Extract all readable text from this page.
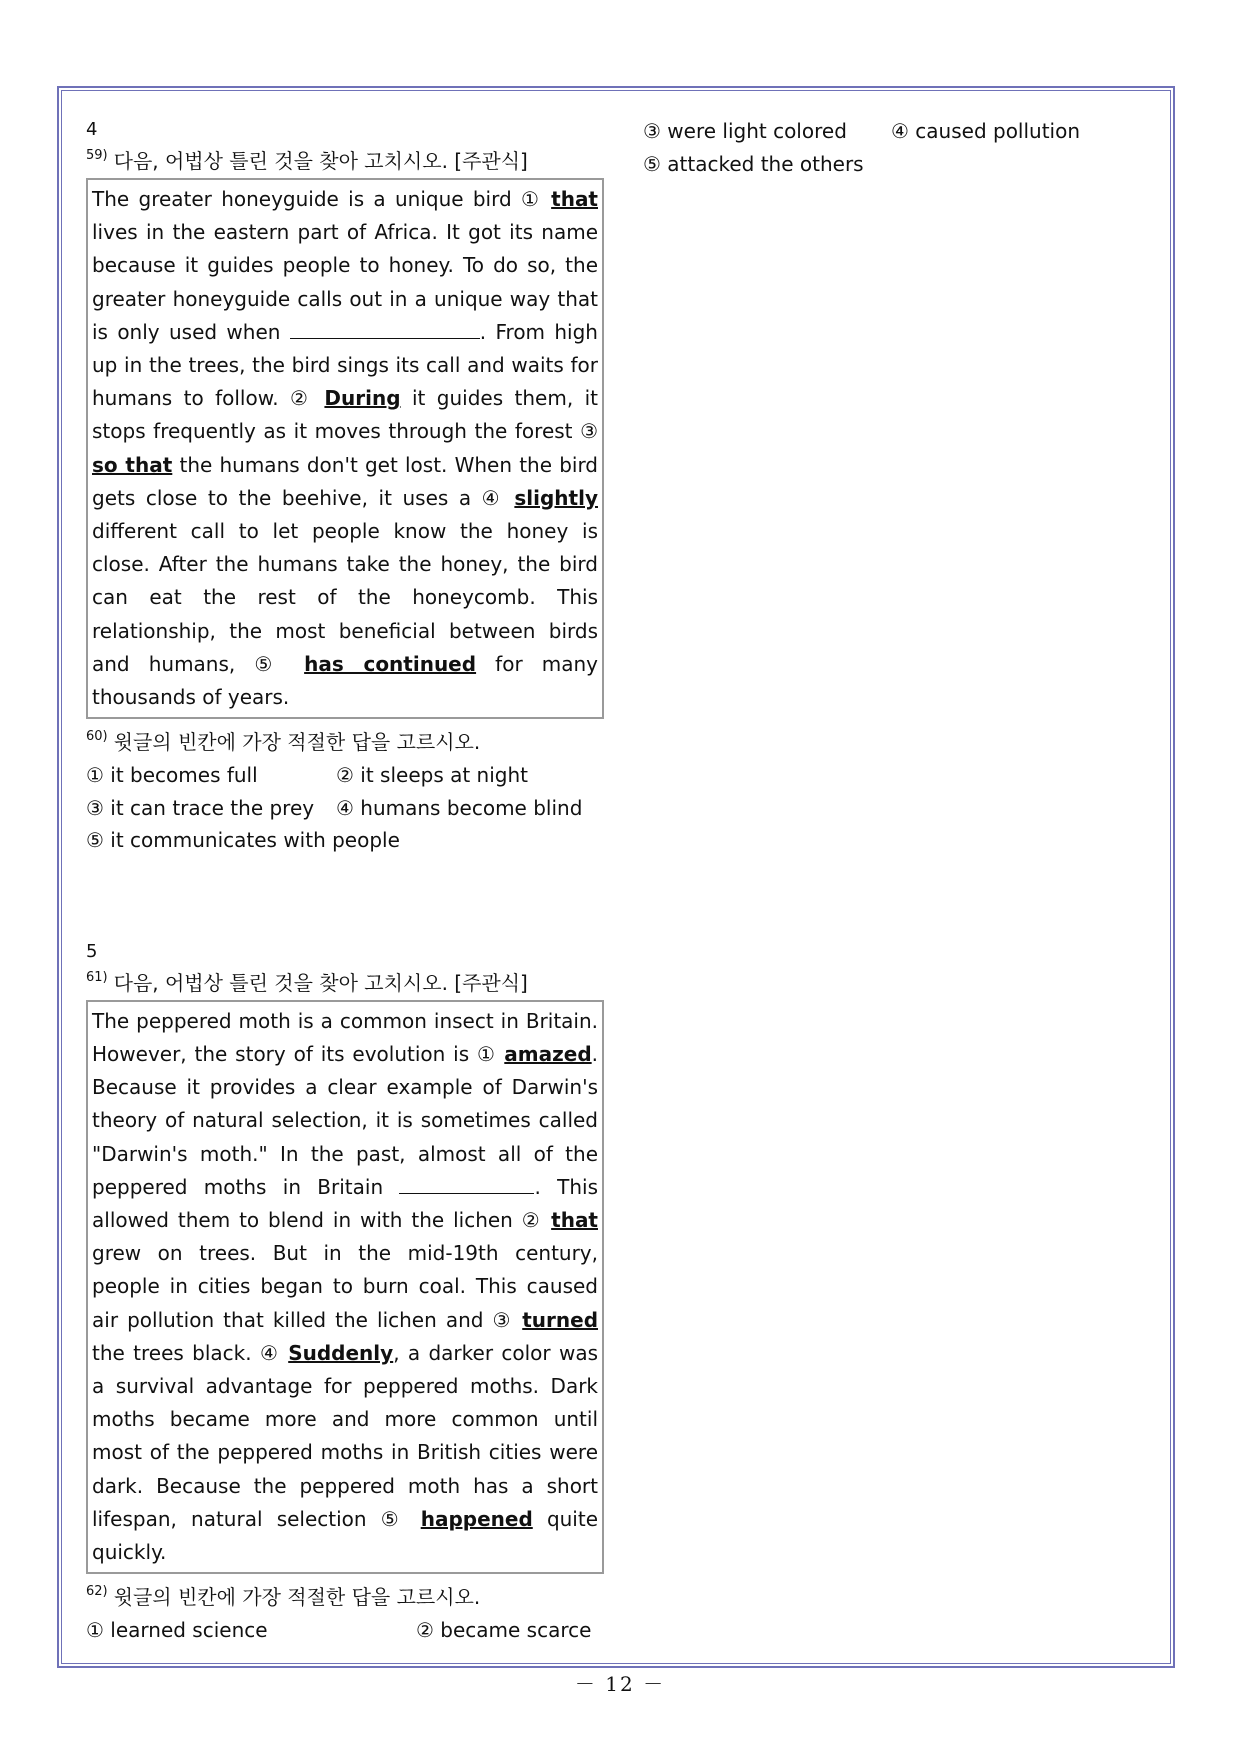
4
$^{59)}$ 다음, 어법상 틀린 것을 찾아 고치시오. [주관식]
The greater honeyguide is a unique bird ① that lives in the eastern part of Africa. It got its name because it guides people to honey. To do so, the greater honeyguide calls out in a unique way that is only used when	. From high up in the trees, the bird sings its call and waits for humans to follow. ② During it guides them, it stops frequently as it moves through the forest ③ so that the humans don't get lost. When the bird gets close to the beehive, it uses a ④ slightly different call to let people know the honey is close. After the humans take the honey, the bird can eat the rest of the honeycomb. This relationship, the most beneficial between birds and humans, ⑤ has continued for many thousands of years.
$^{60)}$ 윗글의 빈칸에 가장 적절한 답을 고르시오.
① it becomes full	② it sleeps at night
③ it can trace the prey ④ humans become blind
⑤ it communicates with people
5
$^{61)}$ 다음, 어법상 틀린 것을 찾아 고치시오. [주관식]
The peppered moth is a common insect in Britain. However, the story of its evolution is ① amazed. Because it provides a clear example of Darwin's theory of natural selection, it is sometimes called "Darwin's moth." In the past, almost all of the peppered moths in Britain	. This allowed them to blend in with the lichen ② that grew on trees. But in the mid-19th century, people in cities began to burn coal. This caused air pollution that killed the lichen and ③ turned the trees black. ④ Suddenly, a darker color was a survival advantage for peppered moths. Dark moths became more and more common until most of the peppered moths in British cities were dark. Because the peppered moth has a short lifespan, natural selection ⑤ happened quite quickly.
$^{62)}$ 윗글의 빈칸에 가장 적절한 답을 고르시오.
① learned science	② became scarce
③ were light colored ④ caused pollution
⑤ attacked the others
－ 12 －
